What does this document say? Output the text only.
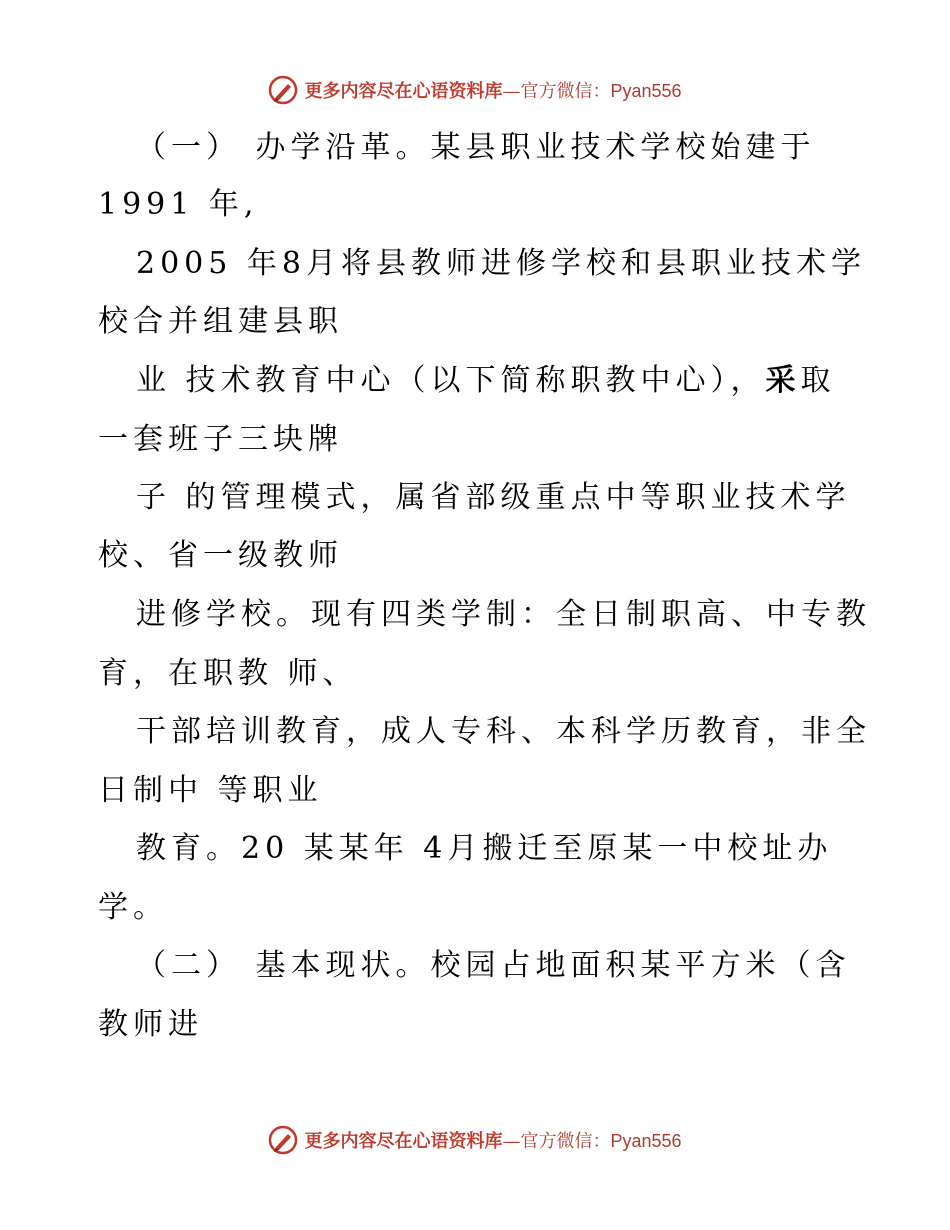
更多内容尽在心语资料库—官方微信：Pyan556
（一） 办学沿革。某县职业技术学校始建于
1991 年,
2005 年8月将县教师进修学校和县职业技术学
校合并组建县职
业 技术教育中心（以下简称职教中心），采取
一套班子三块牌
子 的管理模式，属省部级重点中等职业技术学
校、省一级教师
进修学校。现有四类学制：全日制职高、中专教
育，在职教 师、
干部培训教育，成人专科、本科学历教育，非全
日制中 等职业
教育。20 某某年 4月搬迁至原某一中校址办
学。
（二） 基本现状。校园占地面积某平方米（含
教师进
更多内容尽在心语资料库—官方微信：Pyan556
